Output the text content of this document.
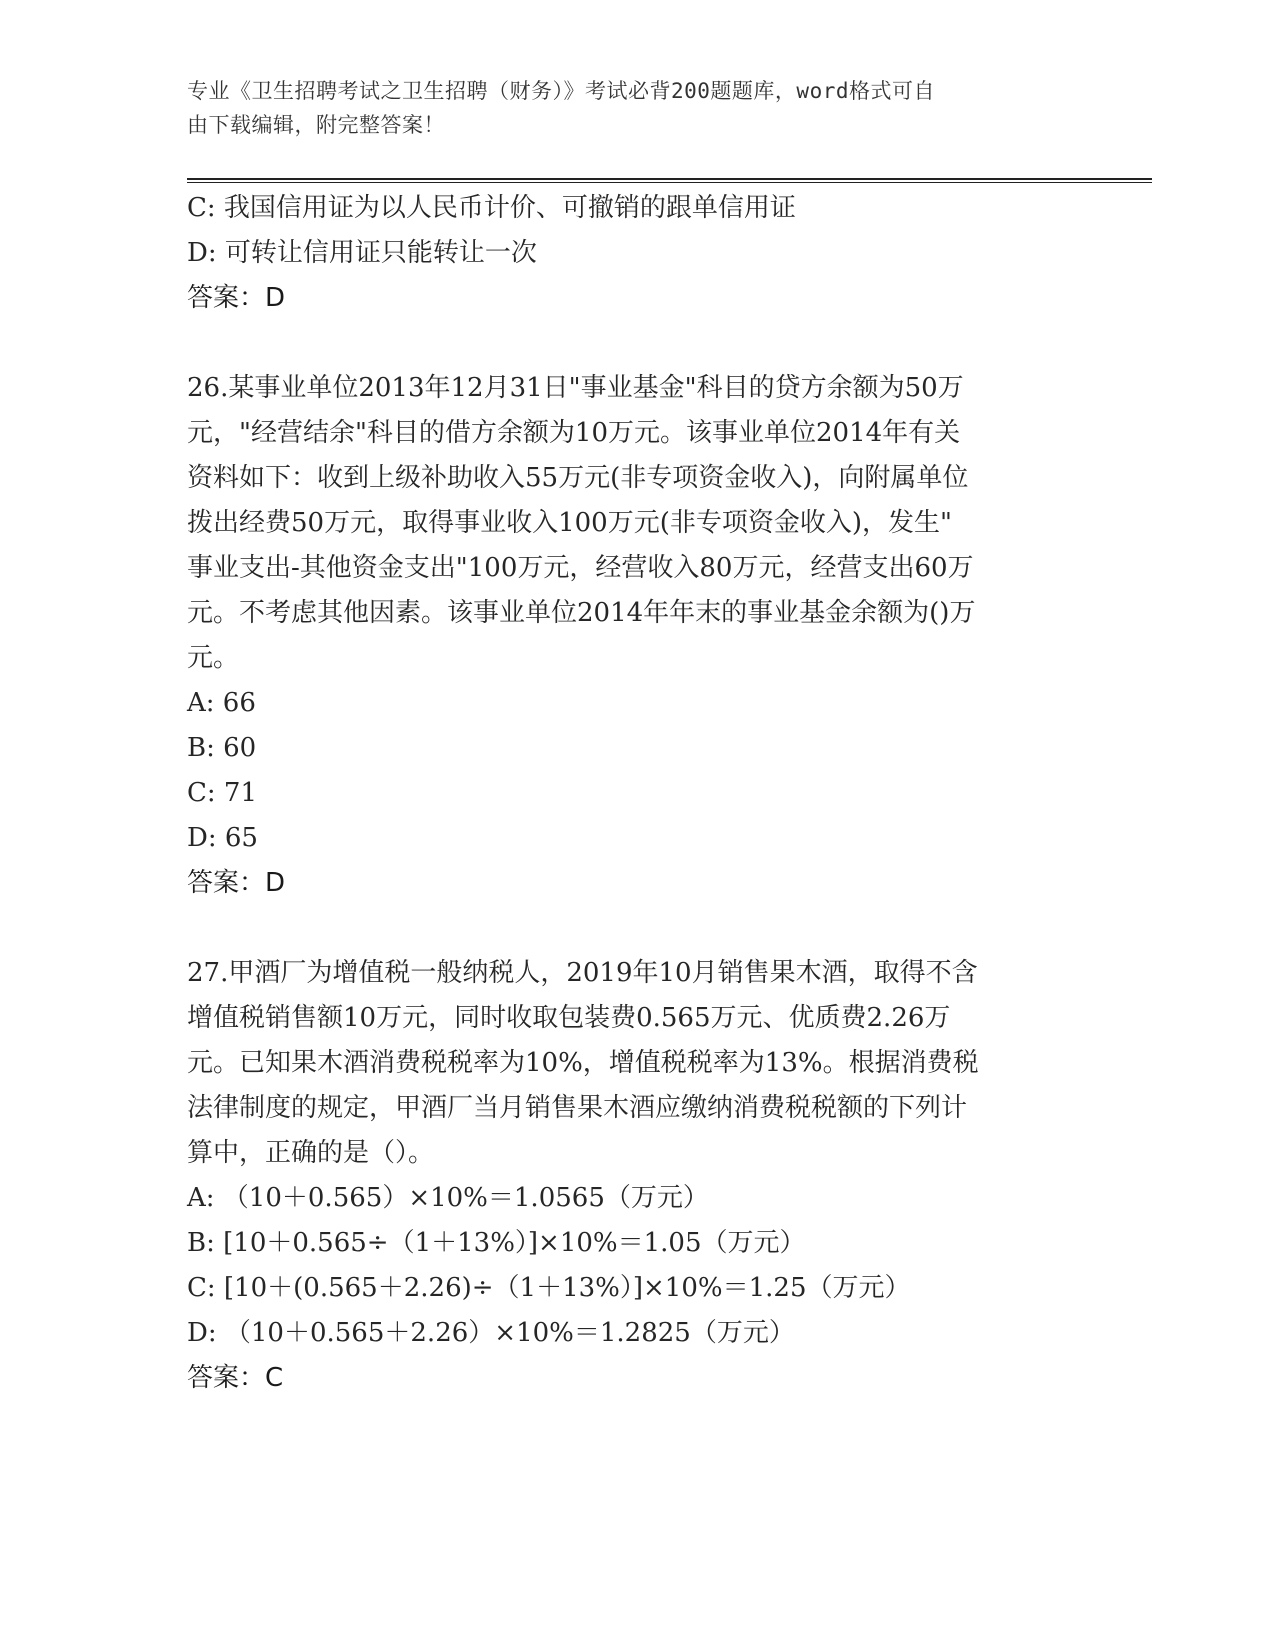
专业《卫生招聘考试之卫生招聘（财务）》考试必背200题题库，word格式可自
由下载编辑，附完整答案！
C: 我国信用证为以人民币计价、可撤销的跟单信用证
D: 可转让信用证只能转让一次
答案：D
26.某事业单位2013年12月31日"事业基金"科目的贷方余额为50万
元，"经营结余"科目的借方余额为10万元。该事业单位2014年有关
资料如下：收到上级补助收入55万元(非专项资金收入)，向附属单位
拨出经费50万元，取得事业收入100万元(非专项资金收入)，发生"
事业支出-其他资金支出"100万元，经营收入80万元，经营支出60万
元。不考虑其他因素。该事业单位2014年年末的事业基金余额为()万
元。
A: 66
B: 60
C: 71
D: 65
答案：D
27.甲酒厂为增值税一般纳税人，2019年10月销售果木酒，取得不含
增值税销售额10万元，同时收取包装费0.565万元、优质费2.26万
元。已知果木酒消费税税率为10%，增值税税率为13%。根据消费税
法律制度的规定，甲酒厂当月销售果木酒应缴纳消费税税额的下列计
算中，正确的是（）。
A: （10＋0.565）×10%＝1.0565（万元）
B: [10＋0.565÷（1＋13%）]×10%＝1.05（万元）
C: [10＋(0.565＋2.26)÷（1＋13%）]×10%＝1.25（万元）
D: （10＋0.565＋2.26）×10%＝1.2825（万元）
答案：C
